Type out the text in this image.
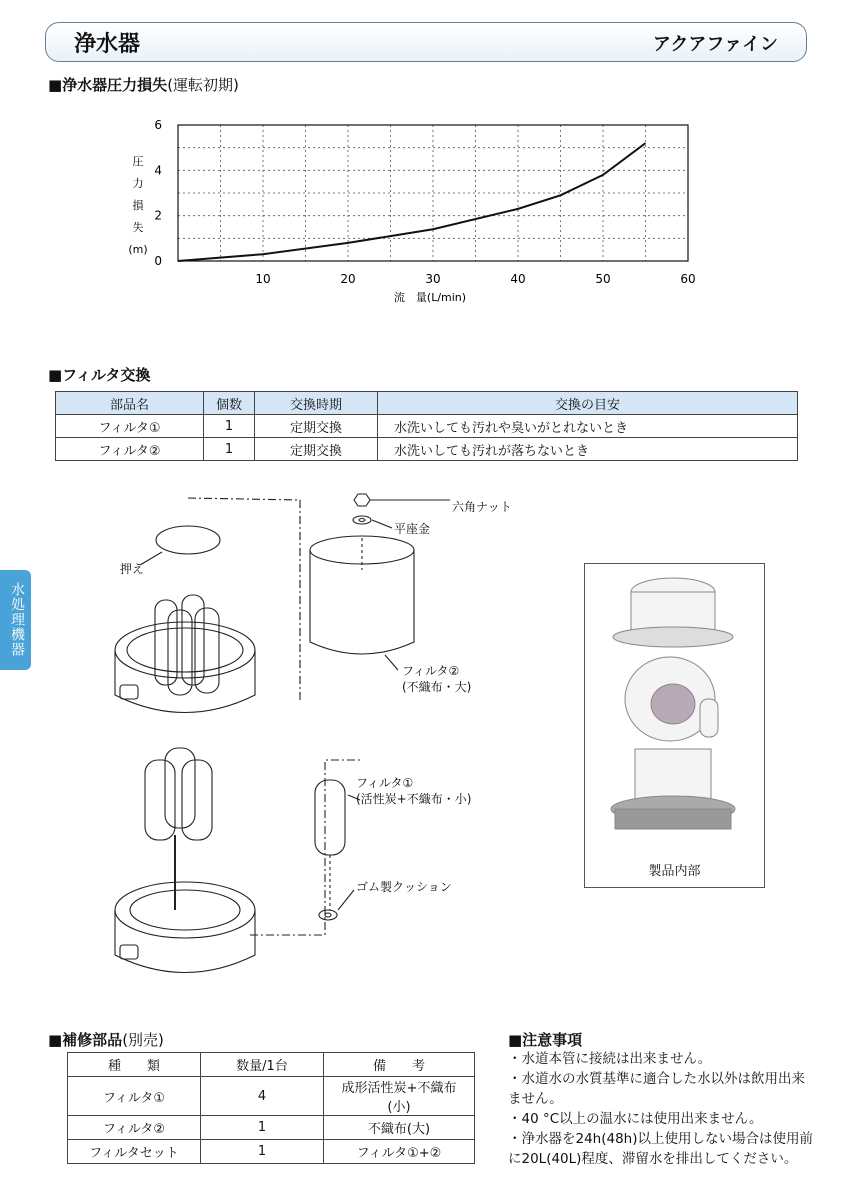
浄水器	アクアファイン
■浄水器圧力損失(運転初期)
0
2
4
6
10	20	30	40	50	60
圧
力
損
失
(m)
流　量(L/min)
■フィルタ交換
部品名	個数	交換時期	交換の目安
フィルタ①	1	定期交換	水洗いしても汚れや臭いがとれないとき
フィルタ②	1	定期交換	水洗いしても汚れが落ちないとき
水処理機器
六角ナット
平座金
押え
フィルタ②
(不織布・大)
フィルタ①
(活性炭+不織布・小)
ゴム製クッション
製品内部
■補修部品(別売)
種　　類	数量/1台	備　　考
フィルタ①	4	成形活性炭+不織布(小)
フィルタ②	1	不織布(大)
フィルタセット	1	フィルタ①+②
■注意事項
・水道本管に接続は出来ません。
・水道水の水質基準に適合した水以外は飲用出来ません。
・40 °C以上の温水には使用出来ません。
・浄水器を24h(48h)以上使用しない場合は使用前に20L(40L)程度、滞留水を排出してください。
